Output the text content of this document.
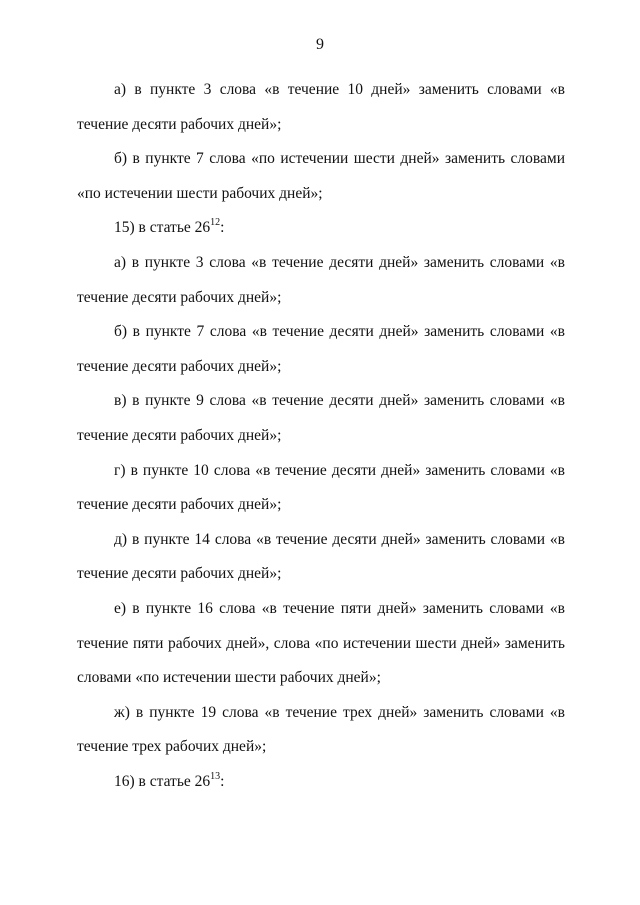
9

а) в пункте 3 слова «в течение 10 дней» заменить словами «в течение десяти рабочих дней»;

б) в пункте 7 слова «по истечении шести дней» заменить словами «по истечении шести рабочих дней»;

15) в статье $26^{12}$:

а) в пункте 3 слова «в течение десяти дней» заменить словами «в течение десяти рабочих дней»;

б) в пункте 7 слова «в течение десяти дней» заменить словами «в течение десяти рабочих дней»;

в) в пункте 9 слова «в течение десяти дней» заменить словами «в течение десяти рабочих дней»;

г) в пункте 10 слова «в течение десяти дней» заменить словами «в течение десяти рабочих дней»;

д) в пункте 14 слова «в течение десяти дней» заменить словами «в течение десяти рабочих дней»;

е) в пункте 16 слова «в течение пяти дней» заменить словами «в течение пяти рабочих дней», слова «по истечении шести дней» заменить словами «по истечении шести рабочих дней»;

ж) в пункте 19 слова «в течение трех дней» заменить словами «в течение трех рабочих дней»;

16) в статье $26^{13}$:
